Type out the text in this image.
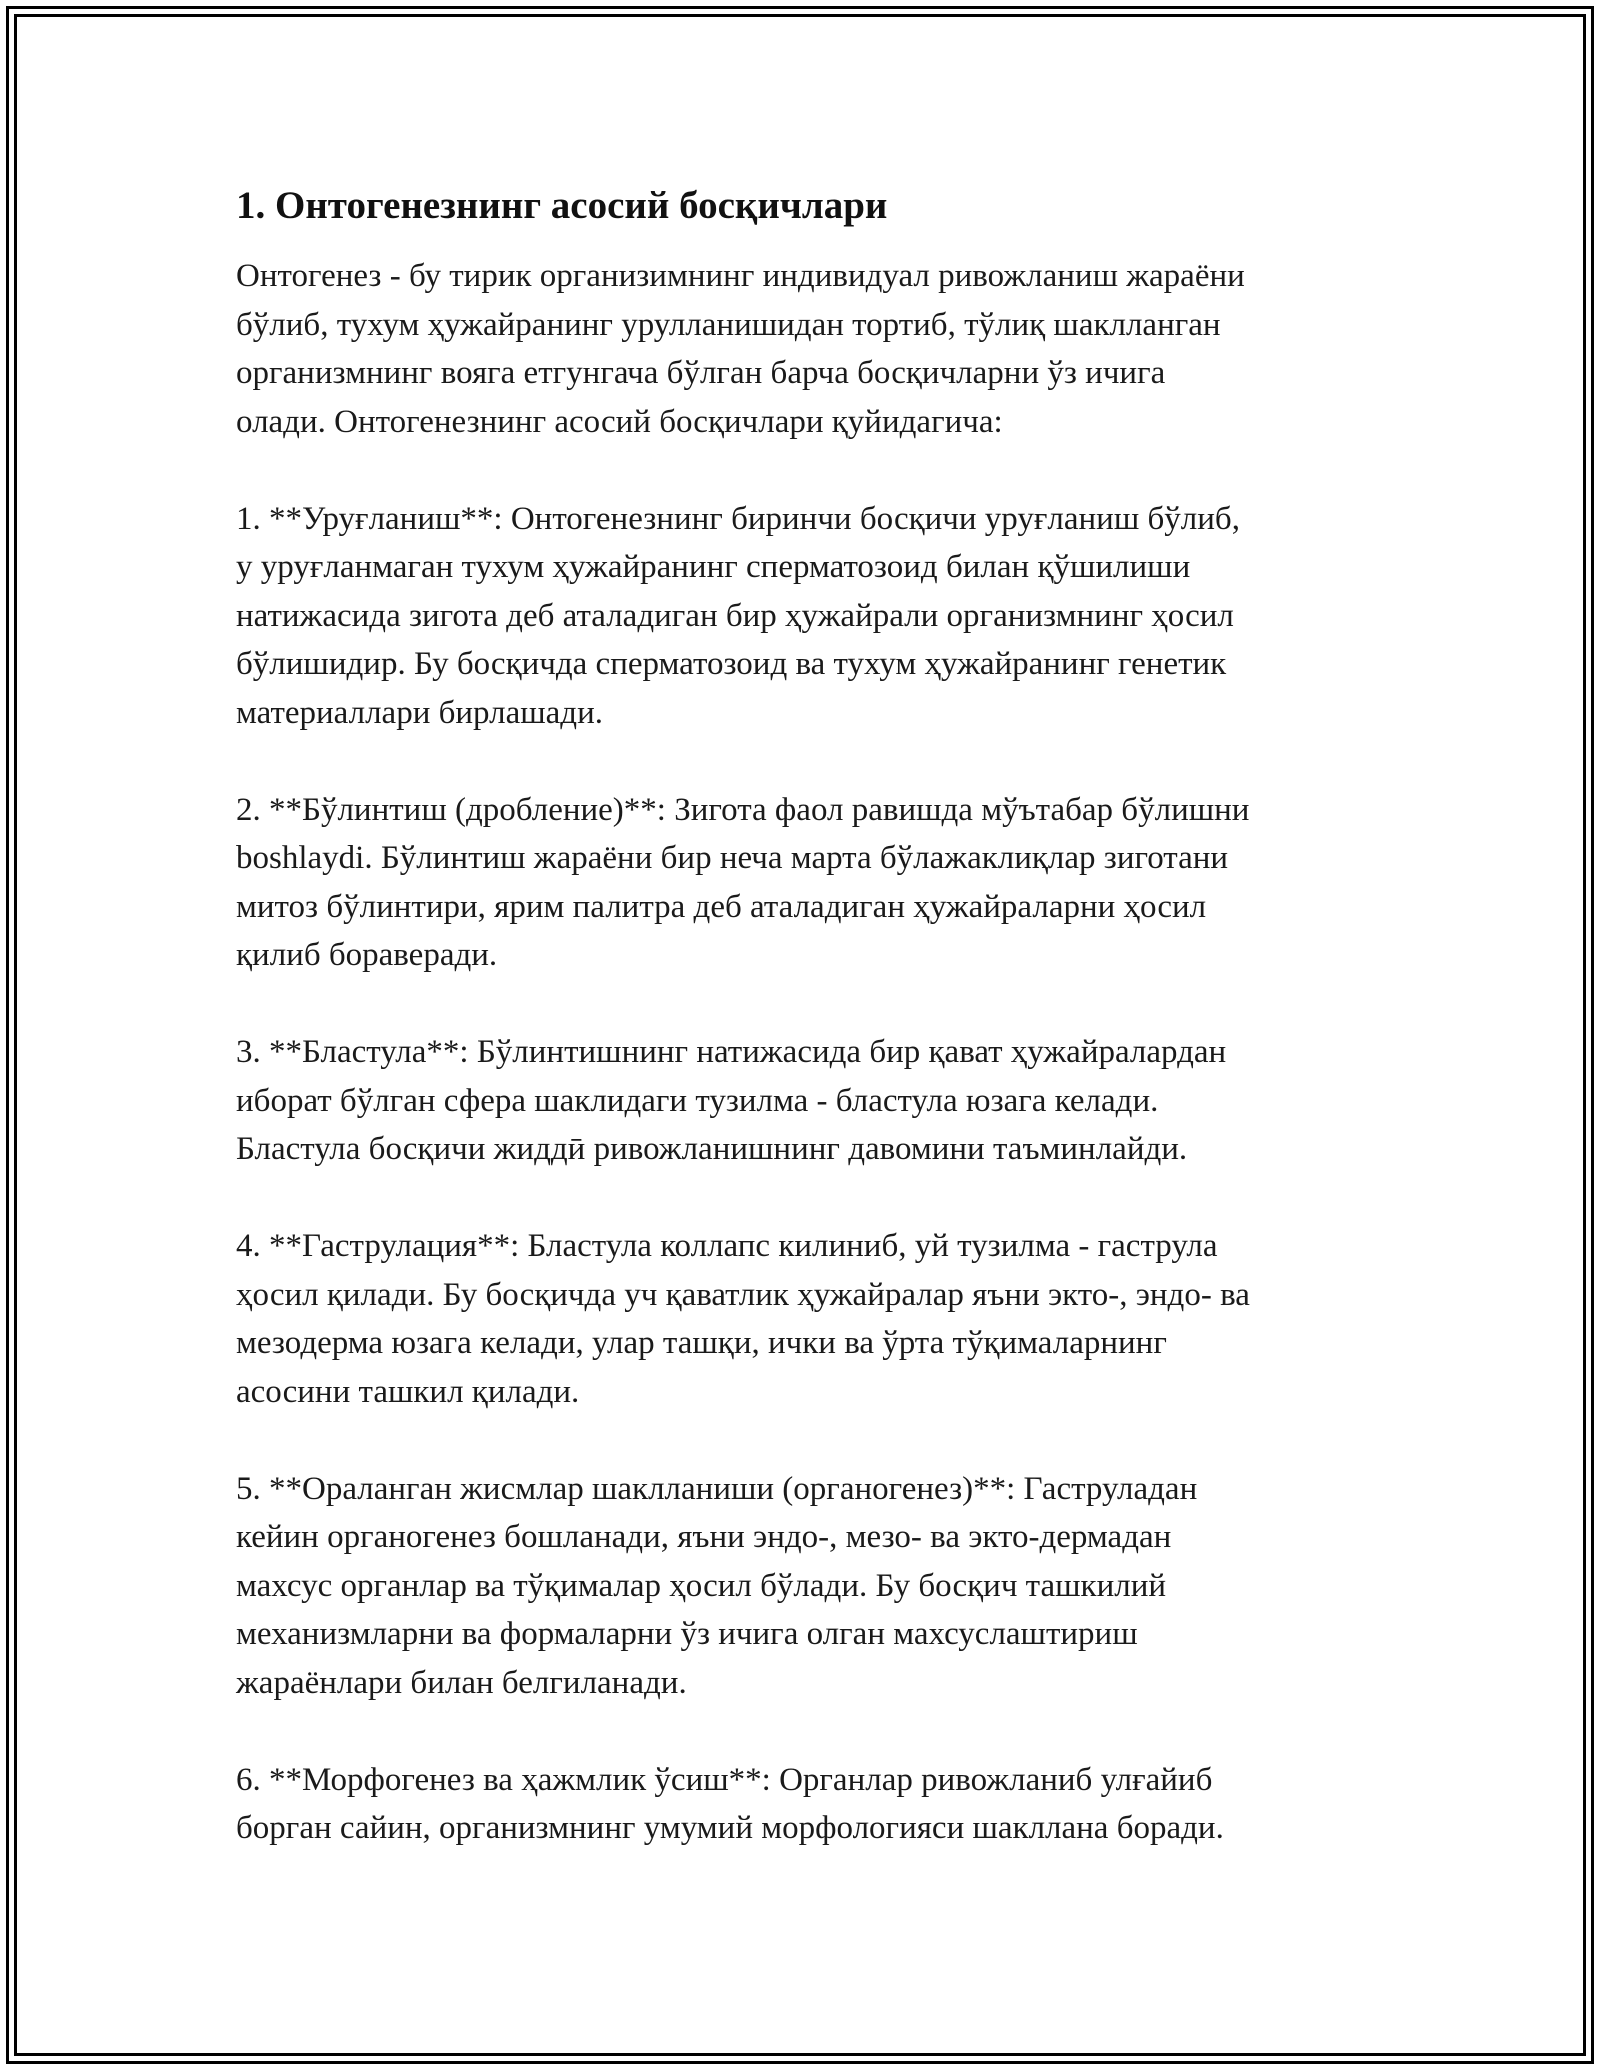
1. Онтогенезнинг асосий босқичлари

Онтогенез - бу тирик организимнинг индивидуал ривожланиш жараёни
бўлиб, тухум ҳужайранинг урулланишидан тортиб, тўлиқ шаклланган
организмнинг вояга етгунгача бўлган барча босқичларни ўз ичига
олади. Онтогенезнинг асосий босқичлари қуйидагича:

1. **Уруғланиш**: Онтогенезнинг биринчи босқичи уруғланиш бўлиб,
у уруғланмаган тухум ҳужайранинг сперматозоид билан қўшилиши
натижасида зигота деб аталадиган бир ҳужайрали организмнинг ҳосил
бўлишидир. Бу босқичда сперматозоид ва тухум ҳужайранинг генетик
материаллари бирлашади.

2. **Бўлинтиш (дробление)**: Зигота фаол равишда мўътабар бўлишни
boshlaydi. Бўлинтиш жараёни бир неча марта бўлажаклиқлар зиготани
митоз бўлинтири, ярим палитра деб аталадиган ҳужайраларни ҳосил
қилиб бораверади.

3. **Бластула**: Бўлинтишнинг натижасида бир қават ҳужайралардан
иборат бўлган сфера шаклидаги тузилма - бластула юзага келади.
Бластула босқичи жиддӣ ривожланишнинг давомини таъминлайди.

4. **Гаструлация**: Бластула коллапс килиниб, уй тузилма - гаструла
ҳосил қилади. Бу босқичда уч қаватлик ҳужайралар яъни экто-, эндо- ва
мезодерма юзага келади, улар ташқи, ички ва ўрта тўқималарнинг
асосини ташкил қилади.

5. **Ораланган жисмлар шаклланиши (органогенез)**: Гаструладан
кейин органогенез бошланади, яъни эндо-, мезо- ва экто-дермадан
махсус органлар ва тўқималар ҳосил бўлади. Бу босқич ташкилий
механизмларни ва формаларни ўз ичига олган махсуслаштириш
жараёнлари билан белгиланади.

6. **Морфогенез ва ҳажмлик ўсиш**: Органлар ривожланиб улғайиб
борган сайин, организмнинг умумий морфологияси шакллана боради.
